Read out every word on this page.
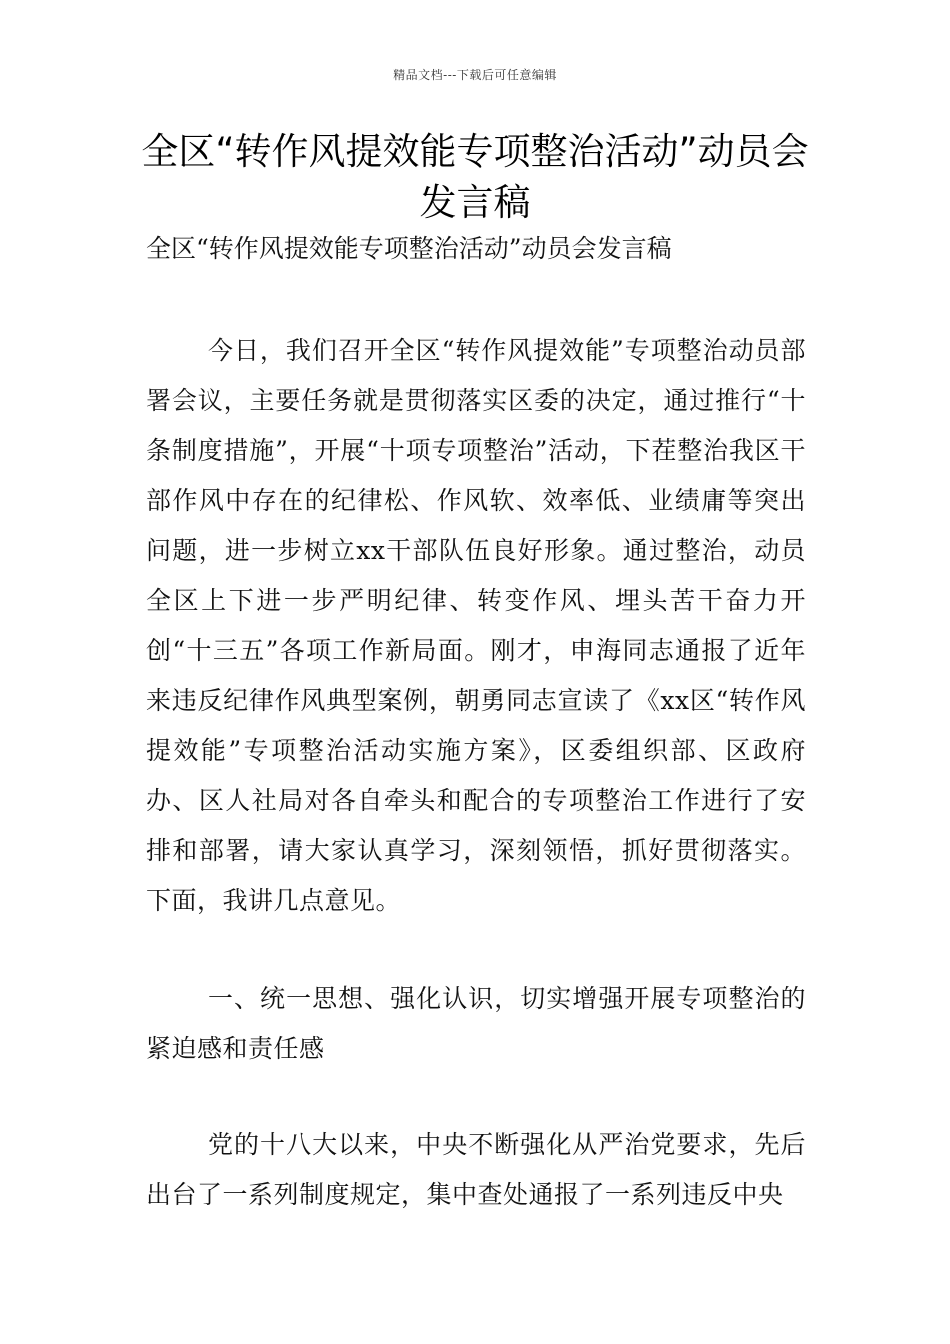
精品文档---下载后可任意编辑
全区“转作风提效能专项整治活动”动员会发言稿

全区“转作风提效能专项整治活动”动员会发言稿

今日，我们召开全区“转作风提效能”专项整治动员部署会议，主要任务就是贯彻落实区委的决定，通过推行“十条制度措施”，开展“十项专项整治”活动，下茬整治我区干部作风中存在的纪律松、作风软、效率低、业绩庸等突出问题，进一步树立xx干部队伍良好形象。通过整治，动员全区上下进一步严明纪律、转变作风、埋头苦干奋力开创“十三五”各项工作新局面。刚才，申海同志通报了近年来违反纪律作风典型案例，朝勇同志宣读了《xx区“转作风提效能”专项整治活动实施方案》，区委组织部、区政府办、区人社局对各自牵头和配合的专项整治工作进行了安排和部署，请大家认真学习，深刻领悟，抓好贯彻落实。下面，我讲几点意见。

一、统一思想、强化认识，切实增强开展专项整治的紧迫感和责任感

党的十八大以来，中央不断强化从严治党要求，先后出台了一系列制度规定，集中查处通报了一系列违反中央
